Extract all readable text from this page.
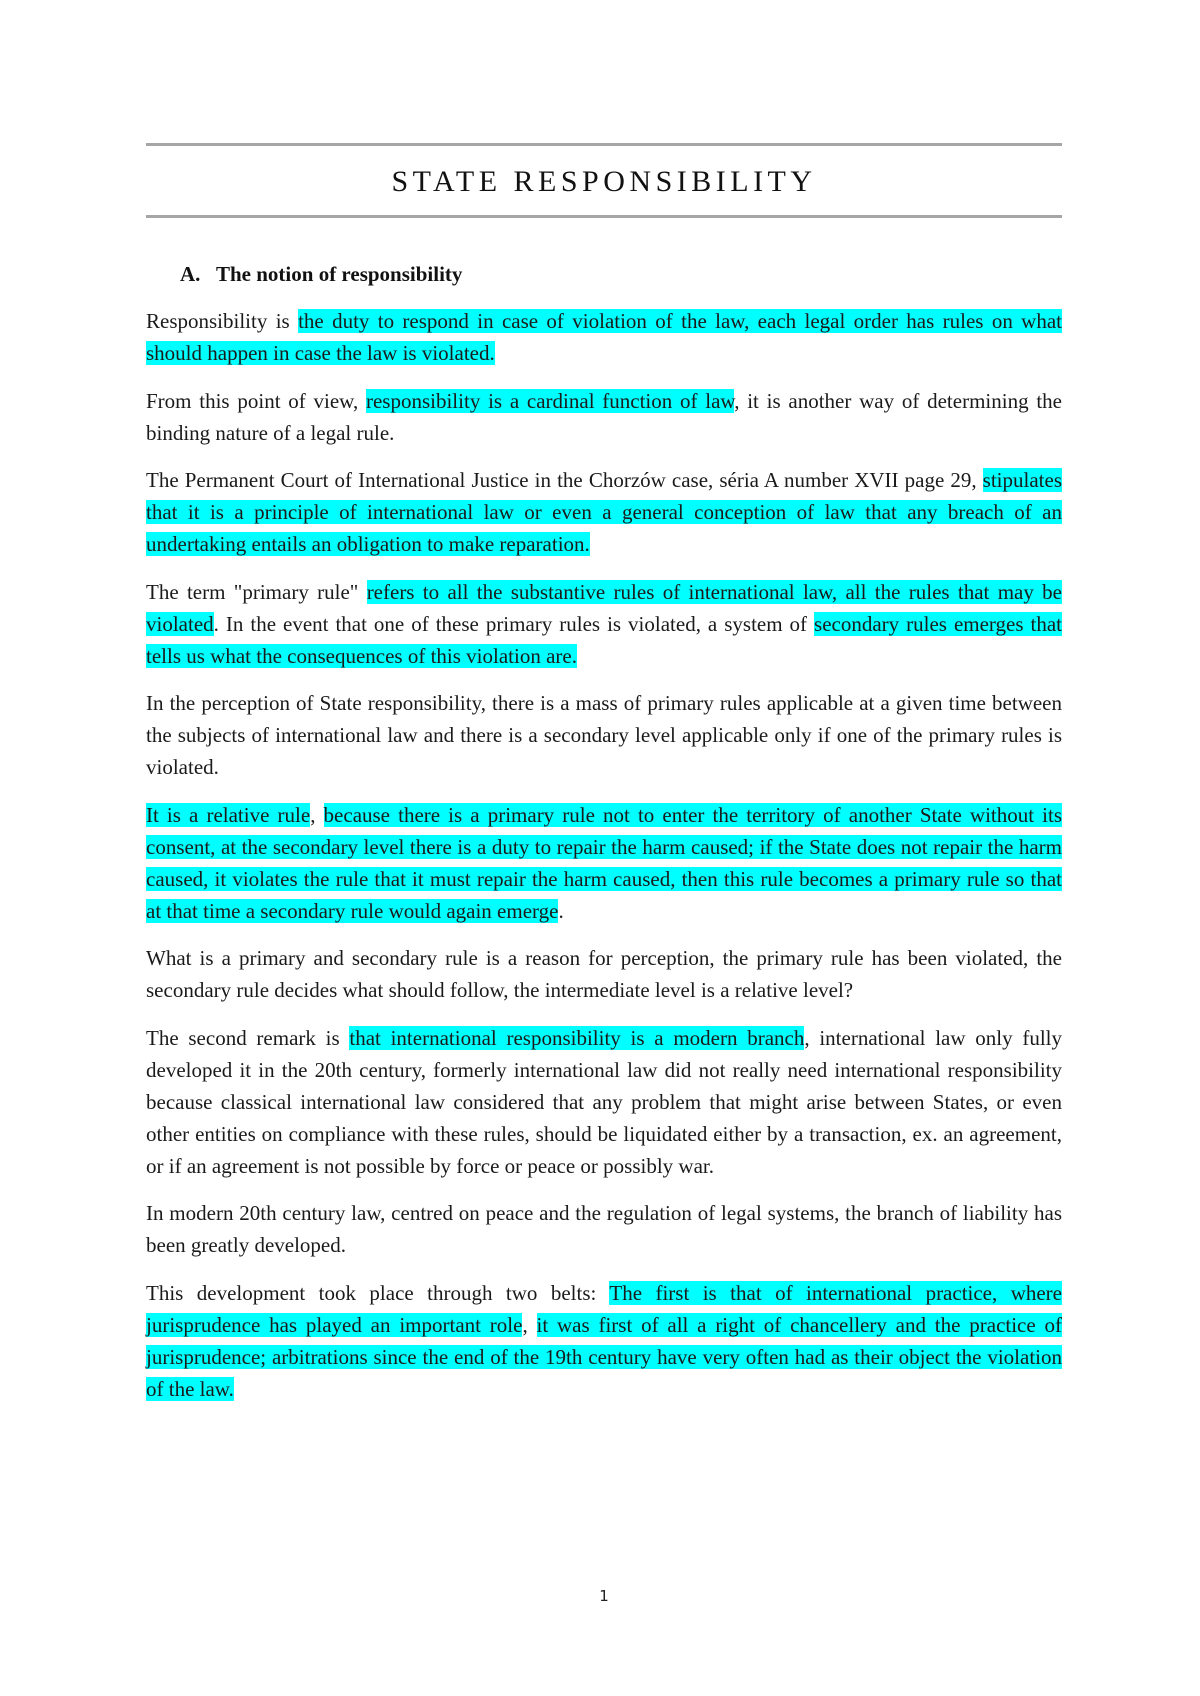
STATE RESPONSIBILITY
A. The notion of responsibility

Responsibility is the duty to respond in case of violation of the law, each legal order has rules on what should happen in case the law is violated.

From this point of view, responsibility is a cardinal function of law, it is another way of determining the binding nature of a legal rule.

The Permanent Court of International Justice in the Chorzów case, séria A number XVII page 29, stipulates that it is a principle of international law or even a general conception of law that any breach of an undertaking entails an obligation to make reparation.

The term "primary rule" refers to all the substantive rules of international law, all the rules that may be violated. In the event that one of these primary rules is violated, a system of secondary rules emerges that tells us what the consequences of this violation are.

In the perception of State responsibility, there is a mass of primary rules applicable at a given time between the subjects of international law and there is a secondary level applicable only if one of the primary rules is violated.

It is a relative rule, because there is a primary rule not to enter the territory of another State without its consent, at the secondary level there is a duty to repair the harm caused; if the State does not repair the harm caused, it violates the rule that it must repair the harm caused, then this rule becomes a primary rule so that at that time a secondary rule would again emerge.

What is a primary and secondary rule is a reason for perception, the primary rule has been violated, the secondary rule decides what should follow, the intermediate level is a relative level?

The second remark is that international responsibility is a modern branch, international law only fully developed it in the 20th century, formerly international law did not really need international responsibility because classical international law considered that any problem that might arise between States, or even other entities on compliance with these rules, should be liquidated either by a transaction, ex. an agreement, or if an agreement is not possible by force or peace or possibly war.

In modern 20th century law, centred on peace and the regulation of legal systems, the branch of liability has been greatly developed.

This development took place through two belts: The first is that of international practice, where jurisprudence has played an important role, it was first of all a right of chancellery and the practice of jurisprudence; arbitrations since the end of the 19th century have very often had as their object the violation of the law.

1
